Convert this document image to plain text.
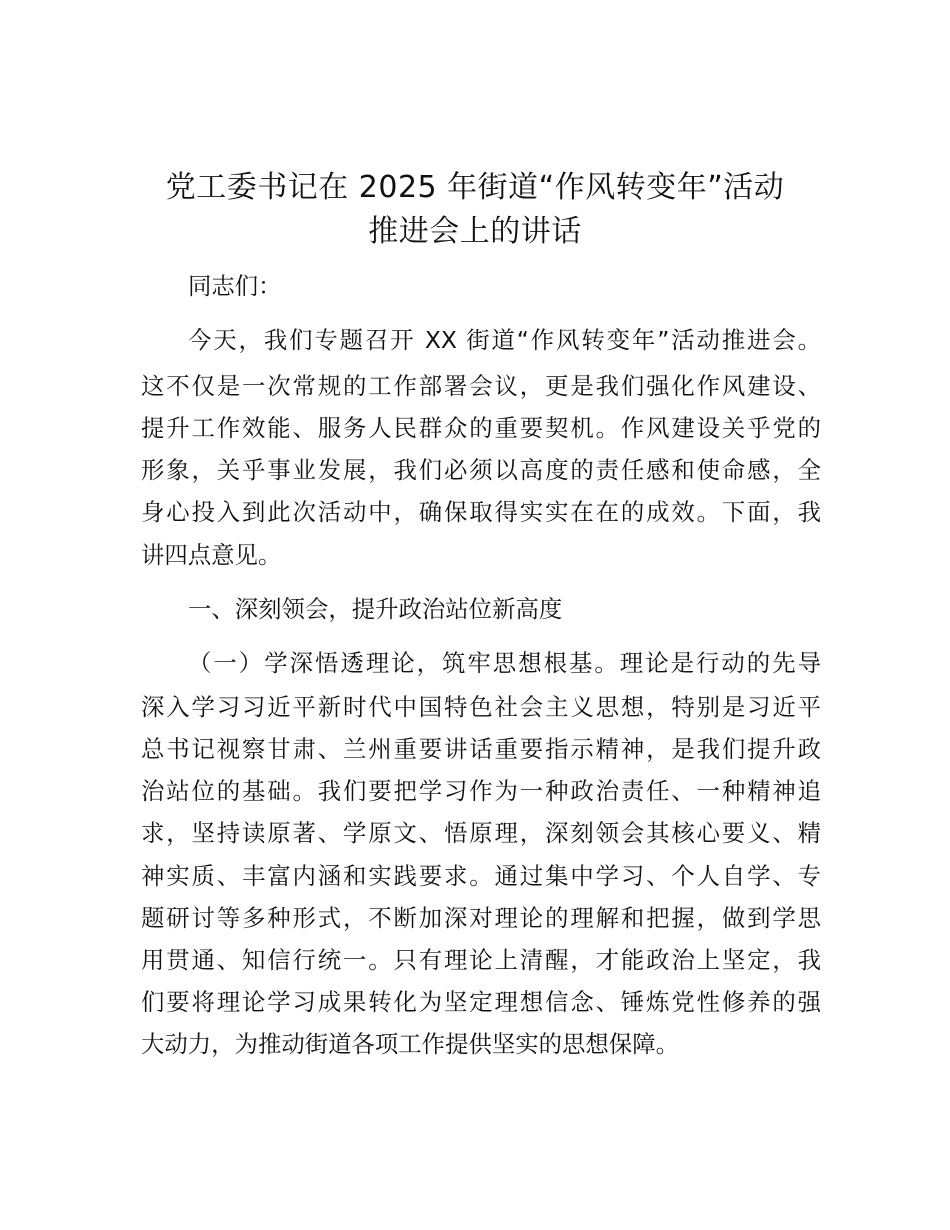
党工委书记在 2025 年街道“作风转变年”活动
推进会上的讲话

同志们：

今天，我们专题召开 XX 街道“作风转变年”活动推进会。

这不仅是一次常规的工作部署会议，更是我们强化作风建设、

提升工作效能、服务人民群众的重要契机。作风建设关乎党的

形象，关乎事业发展，我们必须以高度的责任感和使命感，全

身心投入到此次活动中，确保取得实实在在的成效。下面，我

讲四点意见。

一、深刻领会，提升政治站位新高度

（一）学深悟透理论，筑牢思想根基。理论是行动的先导

深入学习习近平新时代中国特色社会主义思想，特别是习近平

总书记视察甘肃、兰州重要讲话重要指示精神，是我们提升政

治站位的基础。我们要把学习作为一种政治责任、一种精神追

求，坚持读原著、学原文、悟原理，深刻领会其核心要义、精

神实质、丰富内涵和实践要求。通过集中学习、个人自学、专

题研讨等多种形式，不断加深对理论的理解和把握，做到学思

用贯通、知信行统一。只有理论上清醒，才能政治上坚定，我

们要将理论学习成果转化为坚定理想信念、锤炼党性修养的强

大动力，为推动街道各项工作提供坚实的思想保障。
